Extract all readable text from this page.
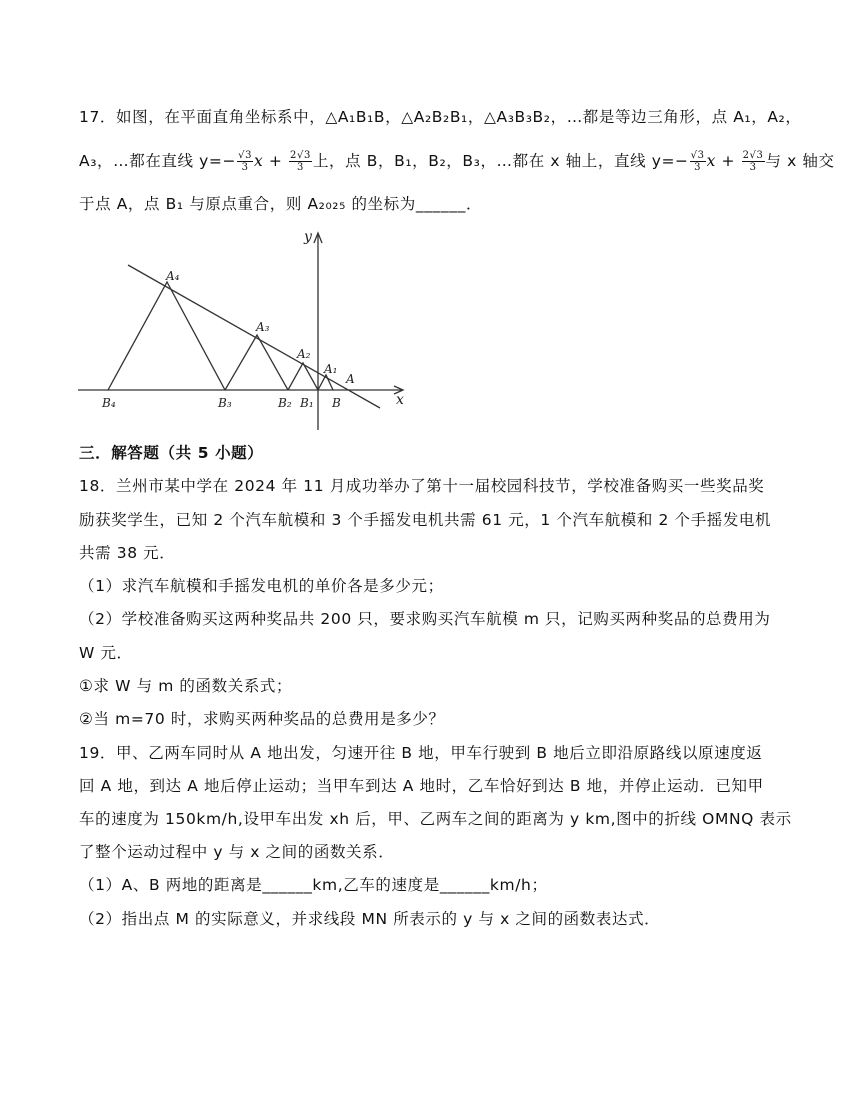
17．如图，在平面直角坐标系中，△A₁B₁B，△A₂B₂B₁，△A₃B₃B₂，…都是等边三角形，点 A₁，A₂，
A₃，…都在直线 $y=- \frac{√3}{3}$ $x + \frac{2√3}{3}$ 上，点 B，B₁，B₂，B₃，…都在 x 轴上，直线 $y=- \frac{√3}{3}$ $x + \frac{2√3}{3}$ 与 x 轴交
于点 A，点 B₁ 与原点重合，则 A₂₀₂₅ 的坐标为______．
y
x
A₄
A₃
A₂
A₁
A
B₄	B₃	B₂ B₁ B
三．解答题（共 5 小题）
18．兰州市某中学在 2024 年 11 月成功举办了第十一届校园科技节，学校准备购买一些奖品奖
励获奖学生，已知 2 个汽车航模和 3 个手摇发电机共需 61 元，1 个汽车航模和 2 个手摇发电机
共需 38 元．
（1）求汽车航模和手摇发电机的单价各是多少元；
（2）学校准备购买这两种奖品共 200 只，要求购买汽车航模 m 只，记购买两种奖品的总费用为
W 元．
①求 W 与 m 的函数关系式；
②当 m=70 时，求购买两种奖品的总费用是多少？
19．甲、乙两车同时从 A 地出发，匀速开往 B 地，甲车行驶到 B 地后立即沿原路线以原速度返
回 A 地，到达 A 地后停止运动；当甲车到达 A 地时，乙车恰好到达 B 地，并停止运动．已知甲
车的速度为 150km/h,设甲车出发 xh 后，甲、乙两车之间的距离为 y km,图中的折线 OMNQ 表示
了整个运动过程中 y 与 x 之间的函数关系．
（1）A、B 两地的距离是______km,乙车的速度是______km/h；
（2）指出点 M 的实际意义，并求线段 MN 所表示的 y 与 x 之间的函数表达式．
